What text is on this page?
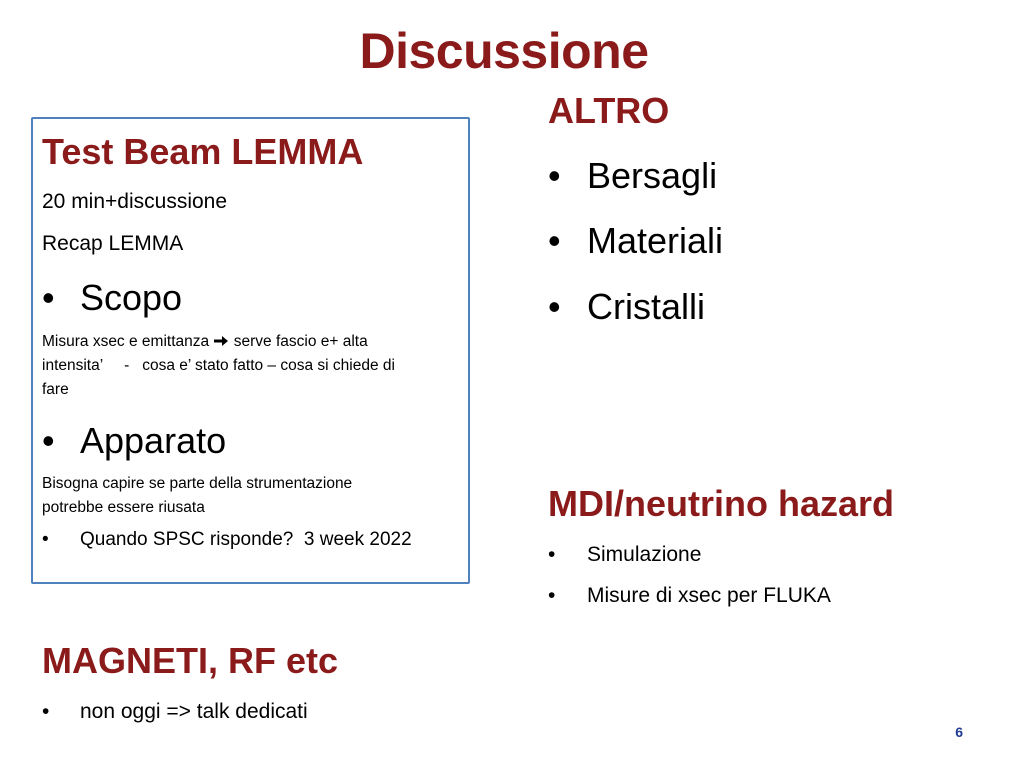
Discussione
Test Beam LEMMA
20 min+discussione
Recap LEMMA
• Scopo
Misura xsec e emittanza serve fascio e+ alta
intensita’     -   cosa e’ stato fatto – cosa si chiede di
fare
• Apparato
Bisogna capire se parte della strumentazione
potrebbe essere riusata
• Quando SPSC risponde?  3 week 2022
ALTRO
• Bersagli
• Materiali
• Cristalli
MDI/neutrino hazard
• Simulazione
• Misure di xsec per FLUKA
MAGNETI, RF etc
• non oggi => talk dedicati
6
